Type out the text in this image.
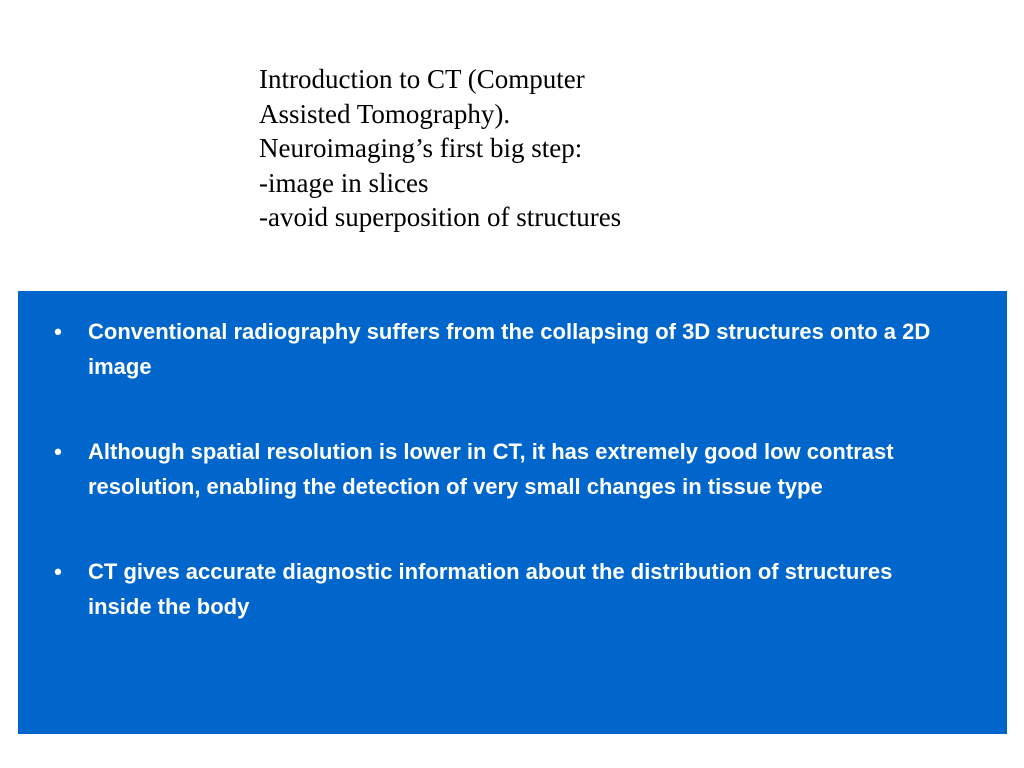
Introduction to CT (Computer
Assisted Tomography).
Neuroimaging’s first big step:
-image in slices
-avoid superposition of structures
• Conventional radiography suffers from the collapsing of 3D structures onto a 2D image
• Although spatial resolution is lower in CT, it has extremely good low contrast resolution, enabling the detection of very small changes in tissue type
• CT gives accurate diagnostic information about the distribution of structures inside the body
